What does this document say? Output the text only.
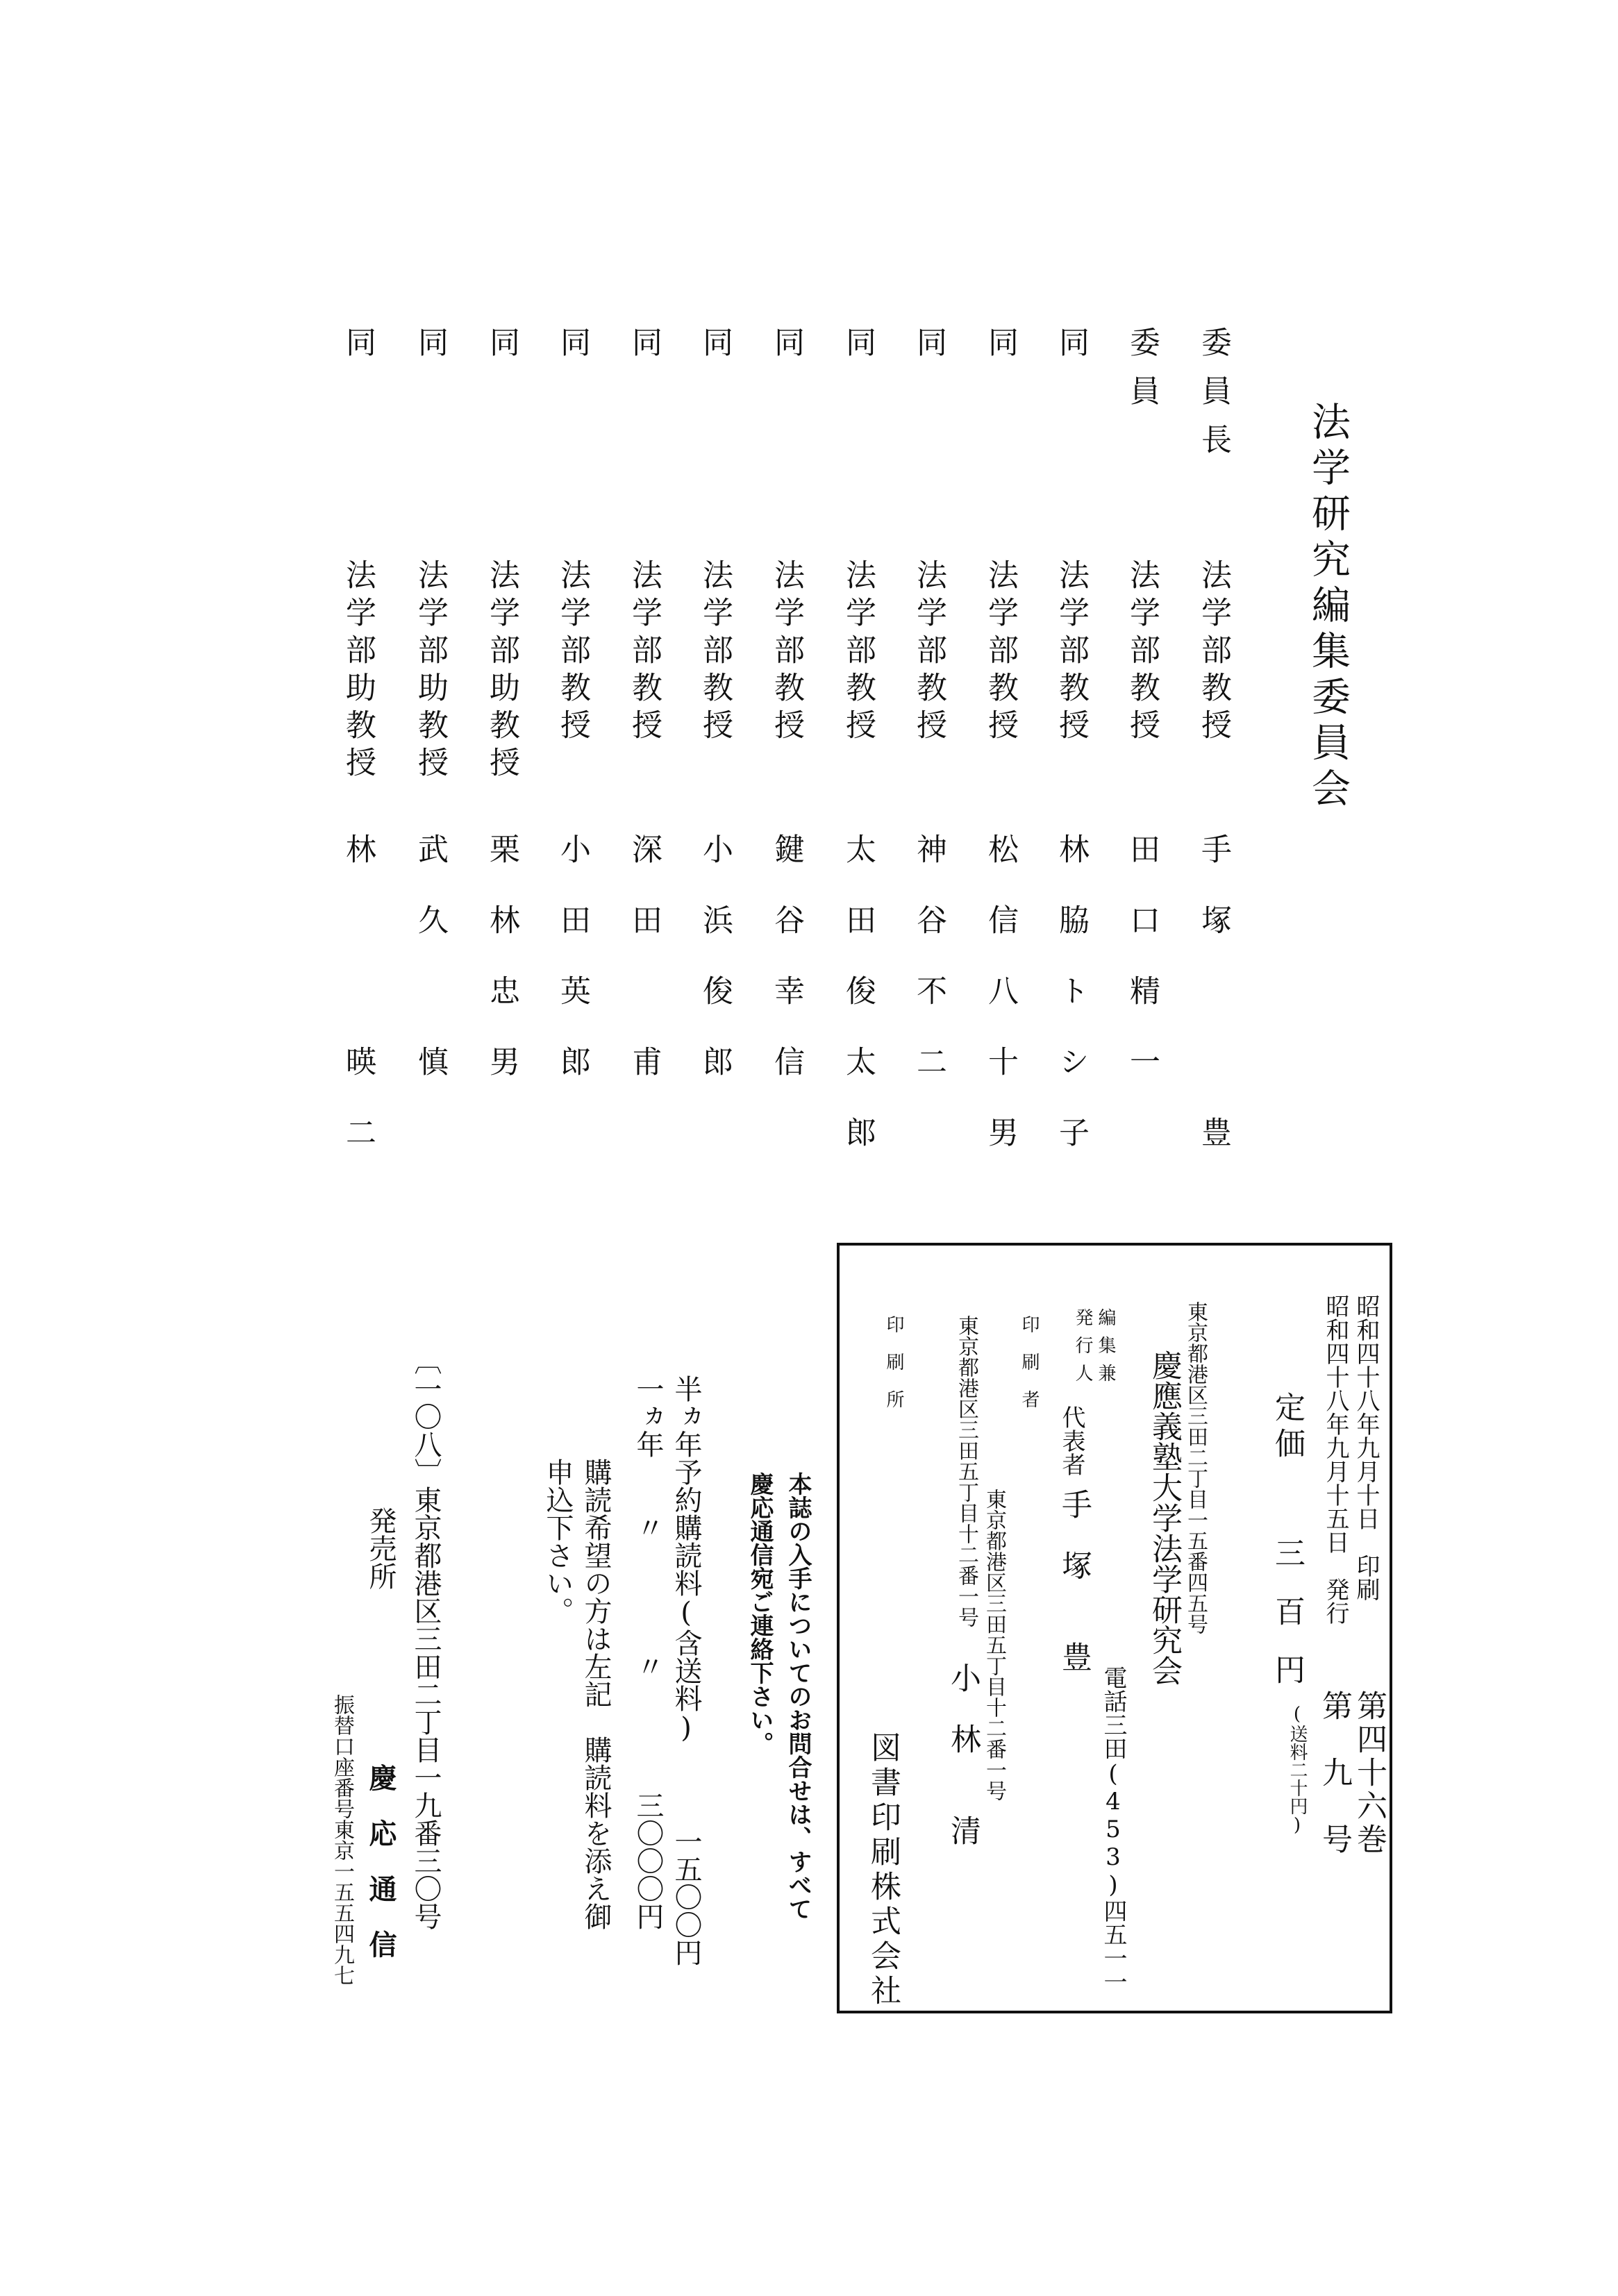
法学研究編集委員会
委員長
法学部教授
手塚　　豊
委員
法学部教授
田口精一
同
法学部教授
林脇トシ子
同
法学部教授
松信八十男
同
法学部教授
神谷不二
同
法学部教授
太田俊太郎
同
法学部教授
鍵谷幸信
同
法学部教授
小浜俊郎
同
法学部教授
深田　甫
同
法学部教授
小田英郎
同
法学部助教授
栗林忠男
同
法学部助教授
武久　慎
同
法学部助教授
林　　暎二
昭和四十八年九月十日　印刷
昭和四十八年九月十五日　発行
第四十六巻
第　九　号
定価
三百円
(送料二十円)
東京都港区三田二丁目一五番四五号
慶應義塾大学法学研究会
電話三田(453)四五一一
編集兼
発行人
代表者
手　塚　　豊
東京都港区三田五丁目十二番一号
印刷者
小　林　　清
東京都港区三田五丁目十二番一号
印刷所
図書印刷株式会社
本誌の入手についてのお問合せは、すべて
慶応通信宛ご連絡下さい。
半ヵ年予約購読料(含送料)　　　一五〇〇円
一ヵ年　　〃　　　　〃　　　　三〇〇〇円
購読希望の方は左記　購読料を添え御
申込下さい。
〔一〇八〕
東京都港区三田二丁目一九番三〇号
発売所
慶　応　通　信
振替口座番号東京一五五四九七
